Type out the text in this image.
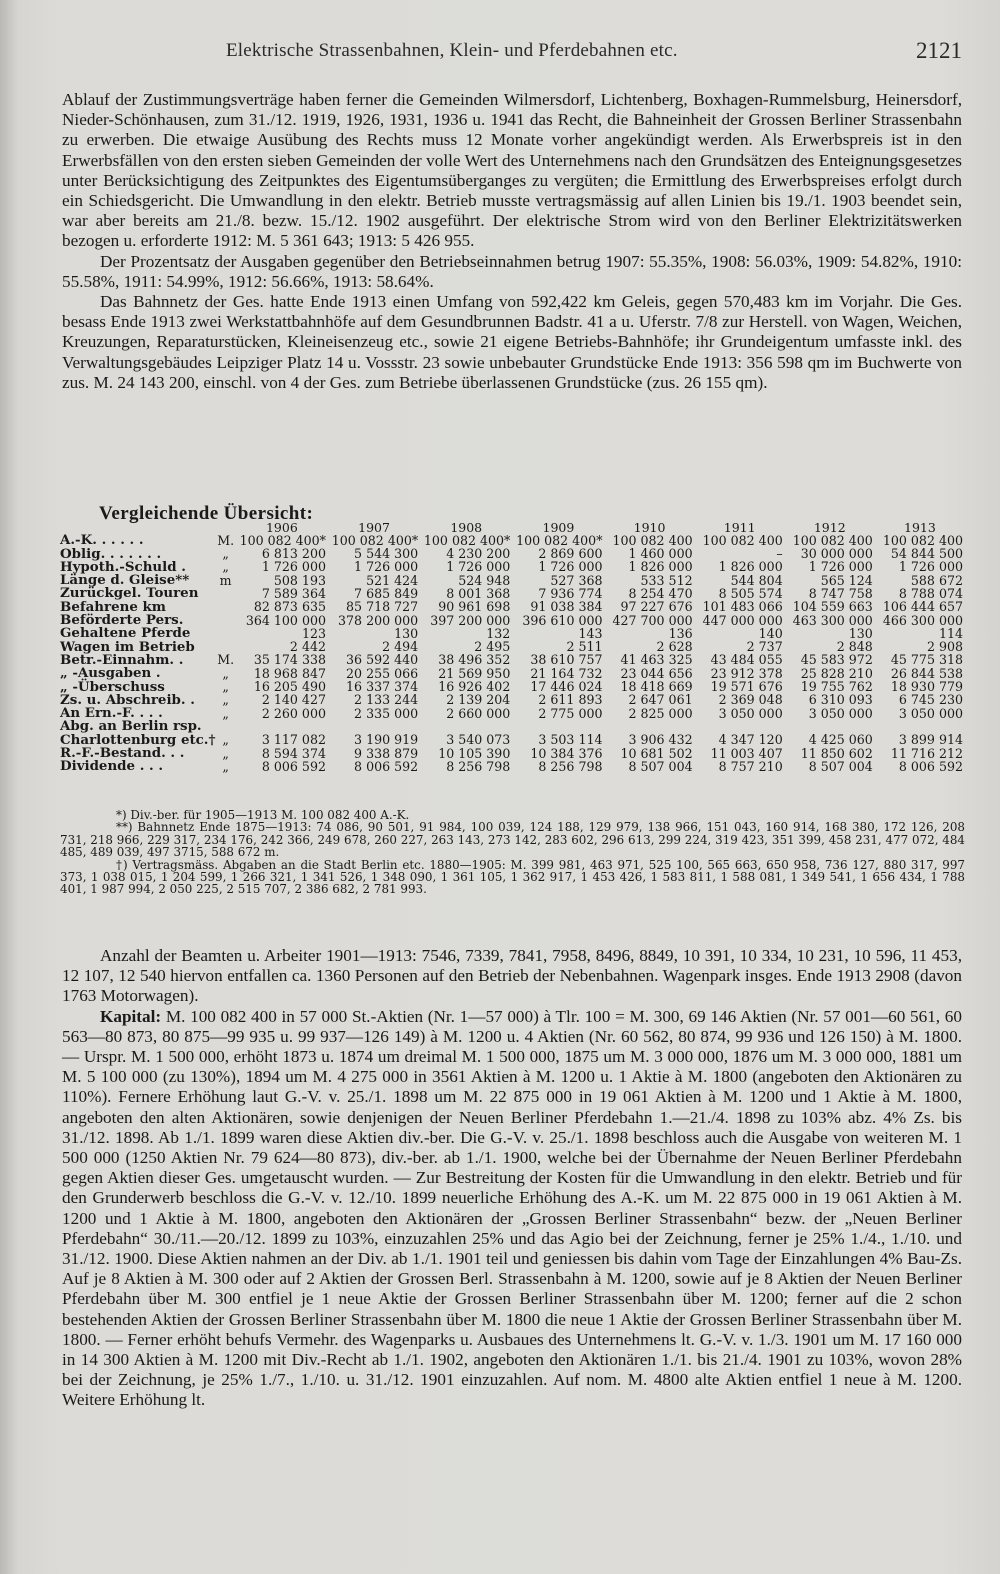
Elektrische Strassenbahnen, Klein- und Pferdebahnen etc.	2121

Ablauf der Zustimmungsverträge haben ferner die Gemeinden Wilmersdorf, Lichtenberg, Boxhagen-Rummelsburg, Heinersdorf, Nieder-Schönhausen, zum 31./12. 1919, 1926, 1931, 1936 u. 1941 das Recht, die Bahneinheit der Grossen Berliner Strassenbahn zu erwerben. Die etwaige Ausübung des Rechts muss 12 Monate vorher angekündigt werden. Als Erwerbspreis ist in den Erwerbsfällen von den ersten sieben Gemeinden der volle Wert des Unternehmens nach den Grundsätzen des Enteignungsgesetzes unter Berücksichtigung des Zeitpunktes des Eigentumsüberganges zu vergüten; die Ermittlung des Erwerbspreises erfolgt durch ein Schiedsgericht. Die Umwandlung in den elektr. Betrieb musste vertragsmässig auf allen Linien bis 19./1. 1903 beendet sein, war aber bereits am 21./8. bezw. 15./12. 1902 ausgeführt. Der elektrische Strom wird von den Berliner Elektrizitätswerken bezogen u. erforderte 1912: M. 5 361 643; 1913: 5 426 955.

Der Prozentsatz der Ausgaben gegenüber den Betriebseinnahmen betrug 1907: 55.35%, 1908: 56.03%, 1909: 54.82%, 1910: 55.58%, 1911: 54.99%, 1912: 56.66%, 1913: 58.64%.

Das Bahnnetz der Ges. hatte Ende 1913 einen Umfang von 592,422 km Geleis, gegen 570,483 km im Vorjahr. Die Ges. besass Ende 1913 zwei Werkstattbahnhöfe auf dem Gesundbrunnen Badstr. 41 a u. Uferstr. 7/8 zur Herstell. von Wagen, Weichen, Kreuzungen, Reparaturstücken, Kleineisenzeug etc., sowie 21 eigene Betriebs-Bahnhöfe; ihr Grundeigentum umfasste inkl. des Verwaltungsgebäudes Leipziger Platz 14 u. Vossstr. 23 sowie unbebauter Grundstücke Ende 1913: 356 598 qm im Buchwerte von zus. M. 24 143 200, einschl. von 4 der Ges. zum Betriebe überlassenen Grundstücke (zus. 26 155 qm).

Vergleichende Übersicht:
		1906	1907	1908	1909	1910	1911	1912	1913
A.-K. . . . . .	M.	100 082 400*	100 082 400*	100 082 400*	100 082 400*	100 082 400	100 082 400	100 082 400	100 082 400
Oblig. . . . . . .	„	6 813 200	5 544 300	4 230 200	2 869 600	1 460 000	–	30 000 000	54 844 500
Hypoth.-Schuld .	„	1 726 000	1 726 000	1 726 000	1 726 000	1 826 000	1 826 000	1 726 000	1 726 000
Länge d. Gleise**	m	508 193	521 424	524 948	527 368	533 512	544 804	565 124	588 672
Zurückgel. Touren		7 589 364	7 685 849	8 001 368	7 936 774	8 254 470	8 505 574	8 747 758	8 788 074
Befahrene km		82 873 635	85 718 727	90 961 698	91 038 384	97 227 676	101 483 066	104 559 663	106 444 657
Beförderte Pers.		364 100 000	378 200 000	397 200 000	396 610 000	427 700 000	447 000 000	463 300 000	466 300 000
Gehaltene Pferde		123	130	132	143	136	140	130	114
Wagen im Betrieb		2 442	2 494	2 495	2 511	2 628	2 737	2 848	2 908
Betr.-Einnahm. .	M.	35 174 338	36 592 440	38 496 352	38 610 757	41 463 325	43 484 055	45 583 972	45 775 318
„ -Ausgaben .	„	18 968 847	20 255 066	21 569 950	21 164 732	23 044 656	23 912 378	25 828 210	26 844 538
„ -Überschuss	„	16 205 490	16 337 374	16 926 402	17 446 024	18 418 669	19 571 676	19 755 762	18 930 779
Zs. u. Abschreib. .	„	2 140 427	2 133 244	2 139 204	2 611 893	2 647 061	2 369 048	6 310 093	6 745 230
An Ern.-F. . . .	„	2 260 000	2 335 000	2 660 000	2 775 000	2 825 000	3 050 000	3 050 000	3 050 000
Abg. an Berlin rsp.									
Charlottenburg etc.†	„	3 117 082	3 190 919	3 540 073	3 503 114	3 906 432	4 347 120	4 425 060	3 899 914
R.-F.-Bestand. . .	„	8 594 374	9 338 879	10 105 390	10 384 376	10 681 502	11 003 407	11 850 602	11 716 212
Dividende . . .	„	8 006 592	8 006 592	8 256 798	8 256 798	8 507 004	8 757 210	8 507 004	8 006 592

*) Div.-ber. für 1905—1913 M. 100 082 400 A.-K.

**) Bahnnetz Ende 1875—1913: 74 086, 90 501, 91 984, 100 039, 124 188, 129 979, 138 966, 151 043, 160 914, 168 380, 172 126, 208 731, 218 966, 229 317, 234 176, 242 366, 249 678, 260 227, 263 143, 273 142, 283 602, 296 613, 299 224, 319 423, 351 399, 458 231, 477 072, 484 485, 489 039, 497 3715, 588 672 m.

†) Vertragsmäss. Abgaben an die Stadt Berlin etc. 1880—1905: M. 399 981, 463 971, 525 100, 565 663, 650 958, 736 127, 880 317, 997 373, 1 038 015, 1 204 599, 1 266 321, 1 341 526, 1 348 090, 1 361 105, 1 362 917, 1 453 426, 1 583 811, 1 588 081, 1 349 541, 1 656 434, 1 788 401, 1 987 994, 2 050 225, 2 515 707, 2 386 682, 2 781 993.

Anzahl der Beamten u. Arbeiter 1901—1913: 7546, 7339, 7841, 7958, 8496, 8849, 10 391, 10 334, 10 231, 10 596, 11 453, 12 107, 12 540 hiervon entfallen ca. 1360 Personen auf den Betrieb der Nebenbahnen. Wagenpark insges. Ende 1913 2908 (davon 1763 Motorwagen).

Kapital: M. 100 082 400 in 57 000 St.-Aktien (Nr. 1—57 000) à Tlr. 100 = M. 300, 69 146 Aktien (Nr. 57 001—60 561, 60 563—80 873, 80 875—99 935 u. 99 937—126 149) à M. 1200 u. 4 Aktien (Nr. 60 562, 80 874, 99 936 und 126 150) à M. 1800. — Urspr. M. 1 500 000, erhöht 1873 u. 1874 um dreimal M. 1 500 000, 1875 um M. 3 000 000, 1876 um M. 3 000 000, 1881 um M. 5 100 000 (zu 130%), 1894 um M. 4 275 000 in 3561 Aktien à M. 1200 u. 1 Aktie à M. 1800 (angeboten den Aktionären zu 110%). Fernere Erhöhung laut G.-V. v. 25./1. 1898 um M. 22 875 000 in 19 061 Aktien à M. 1200 und 1 Aktie à M. 1800, angeboten den alten Aktionären, sowie denjenigen der Neuen Berliner Pferdebahn 1.—21./4. 1898 zu 103% abz. 4% Zs. bis 31./12. 1898. Ab 1./1. 1899 waren diese Aktien div.-ber. Die G.-V. v. 25./1. 1898 beschloss auch die Ausgabe von weiteren M. 1 500 000 (1250 Aktien Nr. 79 624—80 873), div.-ber. ab 1./1. 1900, welche bei der Übernahme der Neuen Berliner Pferdebahn gegen Aktien dieser Ges. umgetauscht wurden. — Zur Bestreitung der Kosten für die Umwandlung in den elektr. Betrieb und für den Grunderwerb beschloss die G.-V. v. 12./10. 1899 neuerliche Erhöhung des A.-K. um M. 22 875 000 in 19 061 Aktien à M. 1200 und 1 Aktie à M. 1800, angeboten den Aktionären der „Grossen Berliner Strassenbahn“ bezw. der „Neuen Berliner Pferdebahn“ 30./11.—20./12. 1899 zu 103%, einzuzahlen 25% und das Agio bei der Zeichnung, ferner je 25% 1./4., 1./10. und 31./12. 1900. Diese Aktien nahmen an der Div. ab 1./1. 1901 teil und geniessen bis dahin vom Tage der Einzahlungen 4% Bau-Zs. Auf je 8 Aktien à M. 300 oder auf 2 Aktien der Grossen Berl. Strassenbahn à M. 1200, sowie auf je 8 Aktien der Neuen Berliner Pferdebahn über M. 300 entfiel je 1 neue Aktie der Grossen Berliner Strassenbahn über M. 1200; ferner auf die 2 schon bestehenden Aktien der Grossen Berliner Strassenbahn über M. 1800 die neue 1 Aktie der Grossen Berliner Strassenbahn über M. 1800. — Ferner erhöht behufs Vermehr. des Wagenparks u. Ausbaues des Unternehmens lt. G.-V. v. 1./3. 1901 um M. 17 160 000 in 14 300 Aktien à M. 1200 mit Div.-Recht ab 1./1. 1902, angeboten den Aktionären 1./1. bis 21./4. 1901 zu 103%, wovon 28% bei der Zeichnung, je 25% 1./7., 1./10. u. 31./12. 1901 einzuzahlen. Auf nom. M. 4800 alte Aktien entfiel 1 neue à M. 1200. Weitere Erhöhung lt.
